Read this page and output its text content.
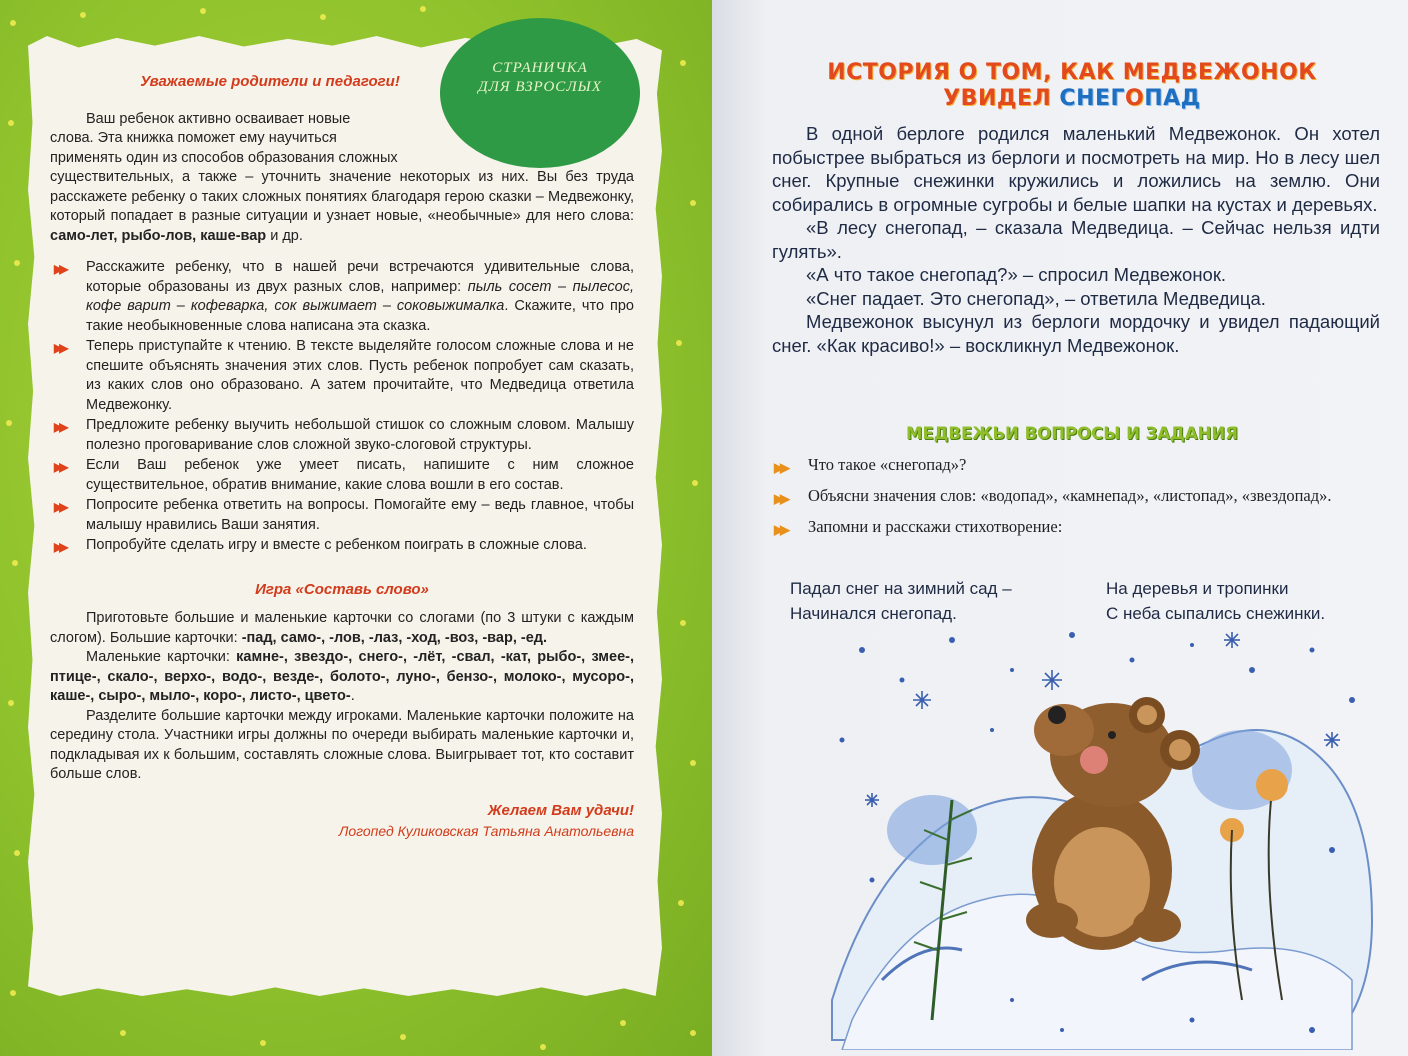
СТРАНИЧКА
ДЛЯ ВЗРОСЛЫХ
Уважаемые родители и педагоги!

Ваш ребенок активно осваивает новые

слова. Эта книжка поможет ему научиться

применять один из способов образования сложных

существительных, а также – уточнить значение некоторых из них. Вы без труда расскажете ребенку о таких сложных понятиях благодаря герою сказки – Медвежонку, который попадает в разные ситуации и узнает новые, «необычные» для него слова: само-лет, рыбо-лов, каше-вар и др.

▶▶ Расскажите ребенку, что в нашей речи встречаются удивительные слова, которые образованы из двух разных слов, например: пыль сосет – пылесос, кофе варит – кофеварка, сок выжимает – соковыжималка. Скажите, что про такие необыкновенные слова написана эта сказка.
▶▶ Теперь приступайте к чтению. В тексте выделяйте голосом сложные слова и не спешите объяснять значения этих слов. Пусть ребенок попробует сам сказать, из каких слов оно образовано. А затем прочитайте, что Медведица ответила Медвежонку.
▶▶ Предложите ребенку выучить небольшой стишок со сложным словом. Малышу полезно проговаривание слов сложной звуко-слоговой структуры.
▶▶ Если Ваш ребенок уже умеет писать, напишите с ним сложное существительное, обратив внимание, какие слова вошли в его состав.
▶▶ Попросите ребенка ответить на вопросы. Помогайте ему – ведь главное, чтобы малышу нравились Ваши занятия.
▶▶ Попробуйте сделать игру и вместе с ребенком поиграть в сложные слова.
Игра «Составь слово»

Приготовьте большие и маленькие карточки со слогами (по 3 штуки с каждым слогом). Большие карточки: -пад, само-, -лов, -лаз, -ход, -воз, -вар, -ед.

Маленькие карточки: камне-, звездо-, снего-, -лёт, -свал, -кат, рыбо-, змее-, птице-, скало-, верхо-, водо-, везде-, болото-, луно-, бензо-, молоко-, мусоро-, каше-, сыро-, мыло-, коро-, листо-, цвето-.

Разделите большие карточки между игроками. Маленькие карточки положите на середину стола. Участники игры должны по очереди выбирать маленькие карточки и, подкладывая их к большим, составлять сложные слова. Выигрывает тот, кто составит больше слов.

Желаем Вам удачи!
Логопед Куликовская Татьяна Анатольевна
ИСТОРИЯ О ТОМ, КАК МЕДВЕЖОНОК
УВИДЕЛ СНЕГОПАД

В одной берлоге родился маленький Медвежонок. Он хотел побыстрее выбраться из берлоги и посмотреть на мир. Но в лесу шел снег. Крупные снежинки кружились и ложились на землю. Они собирались в огромные сугробы и белые шапки на кустах и деревьях.

«В лесу снегопад, – сказала Медведица. – Сейчас нельзя идти гулять».

«А что такое снегопад?» – спросил Медвежонок.

«Снег падает. Это снегопад», – ответила Медведица.

Медвежонок высунул из берлоги мордочку и увидел падающий снег. «Как красиво!» – воскликнул Медвежонок.

МЕДВЕЖЬИ ВОПРОСЫ И ЗАДАНИЯ
▶▶ Что такое «снегопад»?
▶▶ Объясни значения слов: «водопад», «камнепад», «листопад», «звездопад».
▶▶ Запомни и расскажи стихотворение:
Падал снег на зимний сад –
Начинался снегопад.
На деревья и тропинки
С неба сыпались снежинки.
